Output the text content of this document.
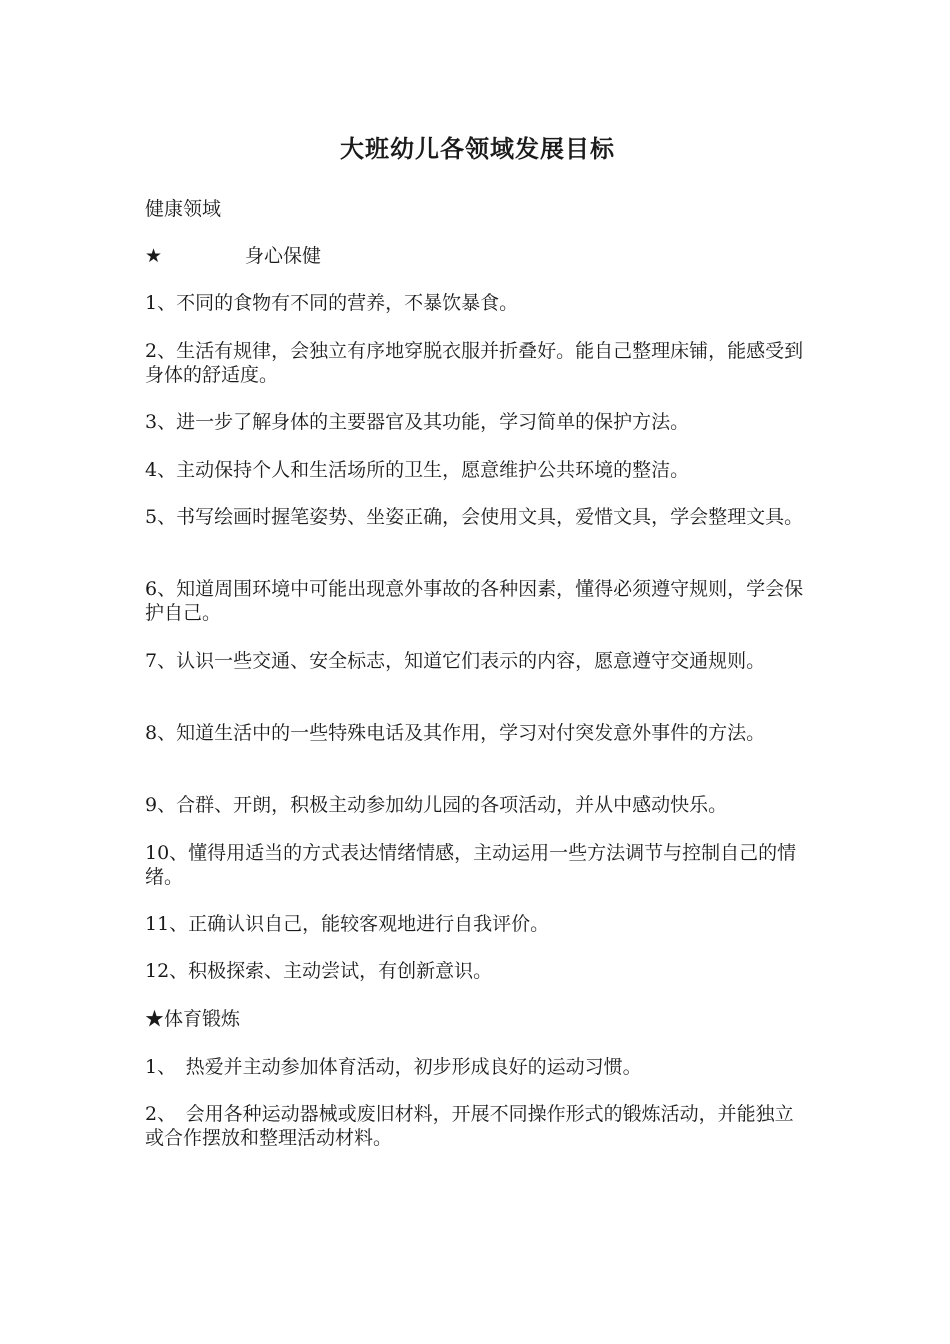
大班幼儿各领域发展目标
健康领域
★	身心保健
1、不同的食物有不同的营养，不暴饮暴食。
2、生活有规律，会独立有序地穿脱衣服并折叠好。能自己整理床铺，能感受到身体的舒适度。
3、进一步了解身体的主要器官及其功能，学习简单的保护方法。
4、主动保持个人和生活场所的卫生，愿意维护公共环境的整洁。
5、书写绘画时握笔姿势、坐姿正确，会使用文具，爱惜文具，学会整理文具。
6、知道周围环境中可能出现意外事故的各种因素，懂得必须遵守规则，学会保护自己。
7、认识一些交通、安全标志，知道它们表示的内容，愿意遵守交通规则。
8、知道生活中的一些特殊电话及其作用，学习对付突发意外事件的方法。
9、合群、开朗，积极主动参加幼儿园的各项活动，并从中感动快乐。
10、懂得用适当的方式表达情绪情感，主动运用一些方法调节与控制自己的情绪。
11、正确认识自己，能较客观地进行自我评价。
12、积极探索、主动尝试，有创新意识。
★体育锻炼
1、　热爱并主动参加体育活动，初步形成良好的运动习惯。
2、　会用各种运动器械或废旧材料，开展不同操作形式的锻炼活动，并能独立或合作摆放和整理活动材料。
